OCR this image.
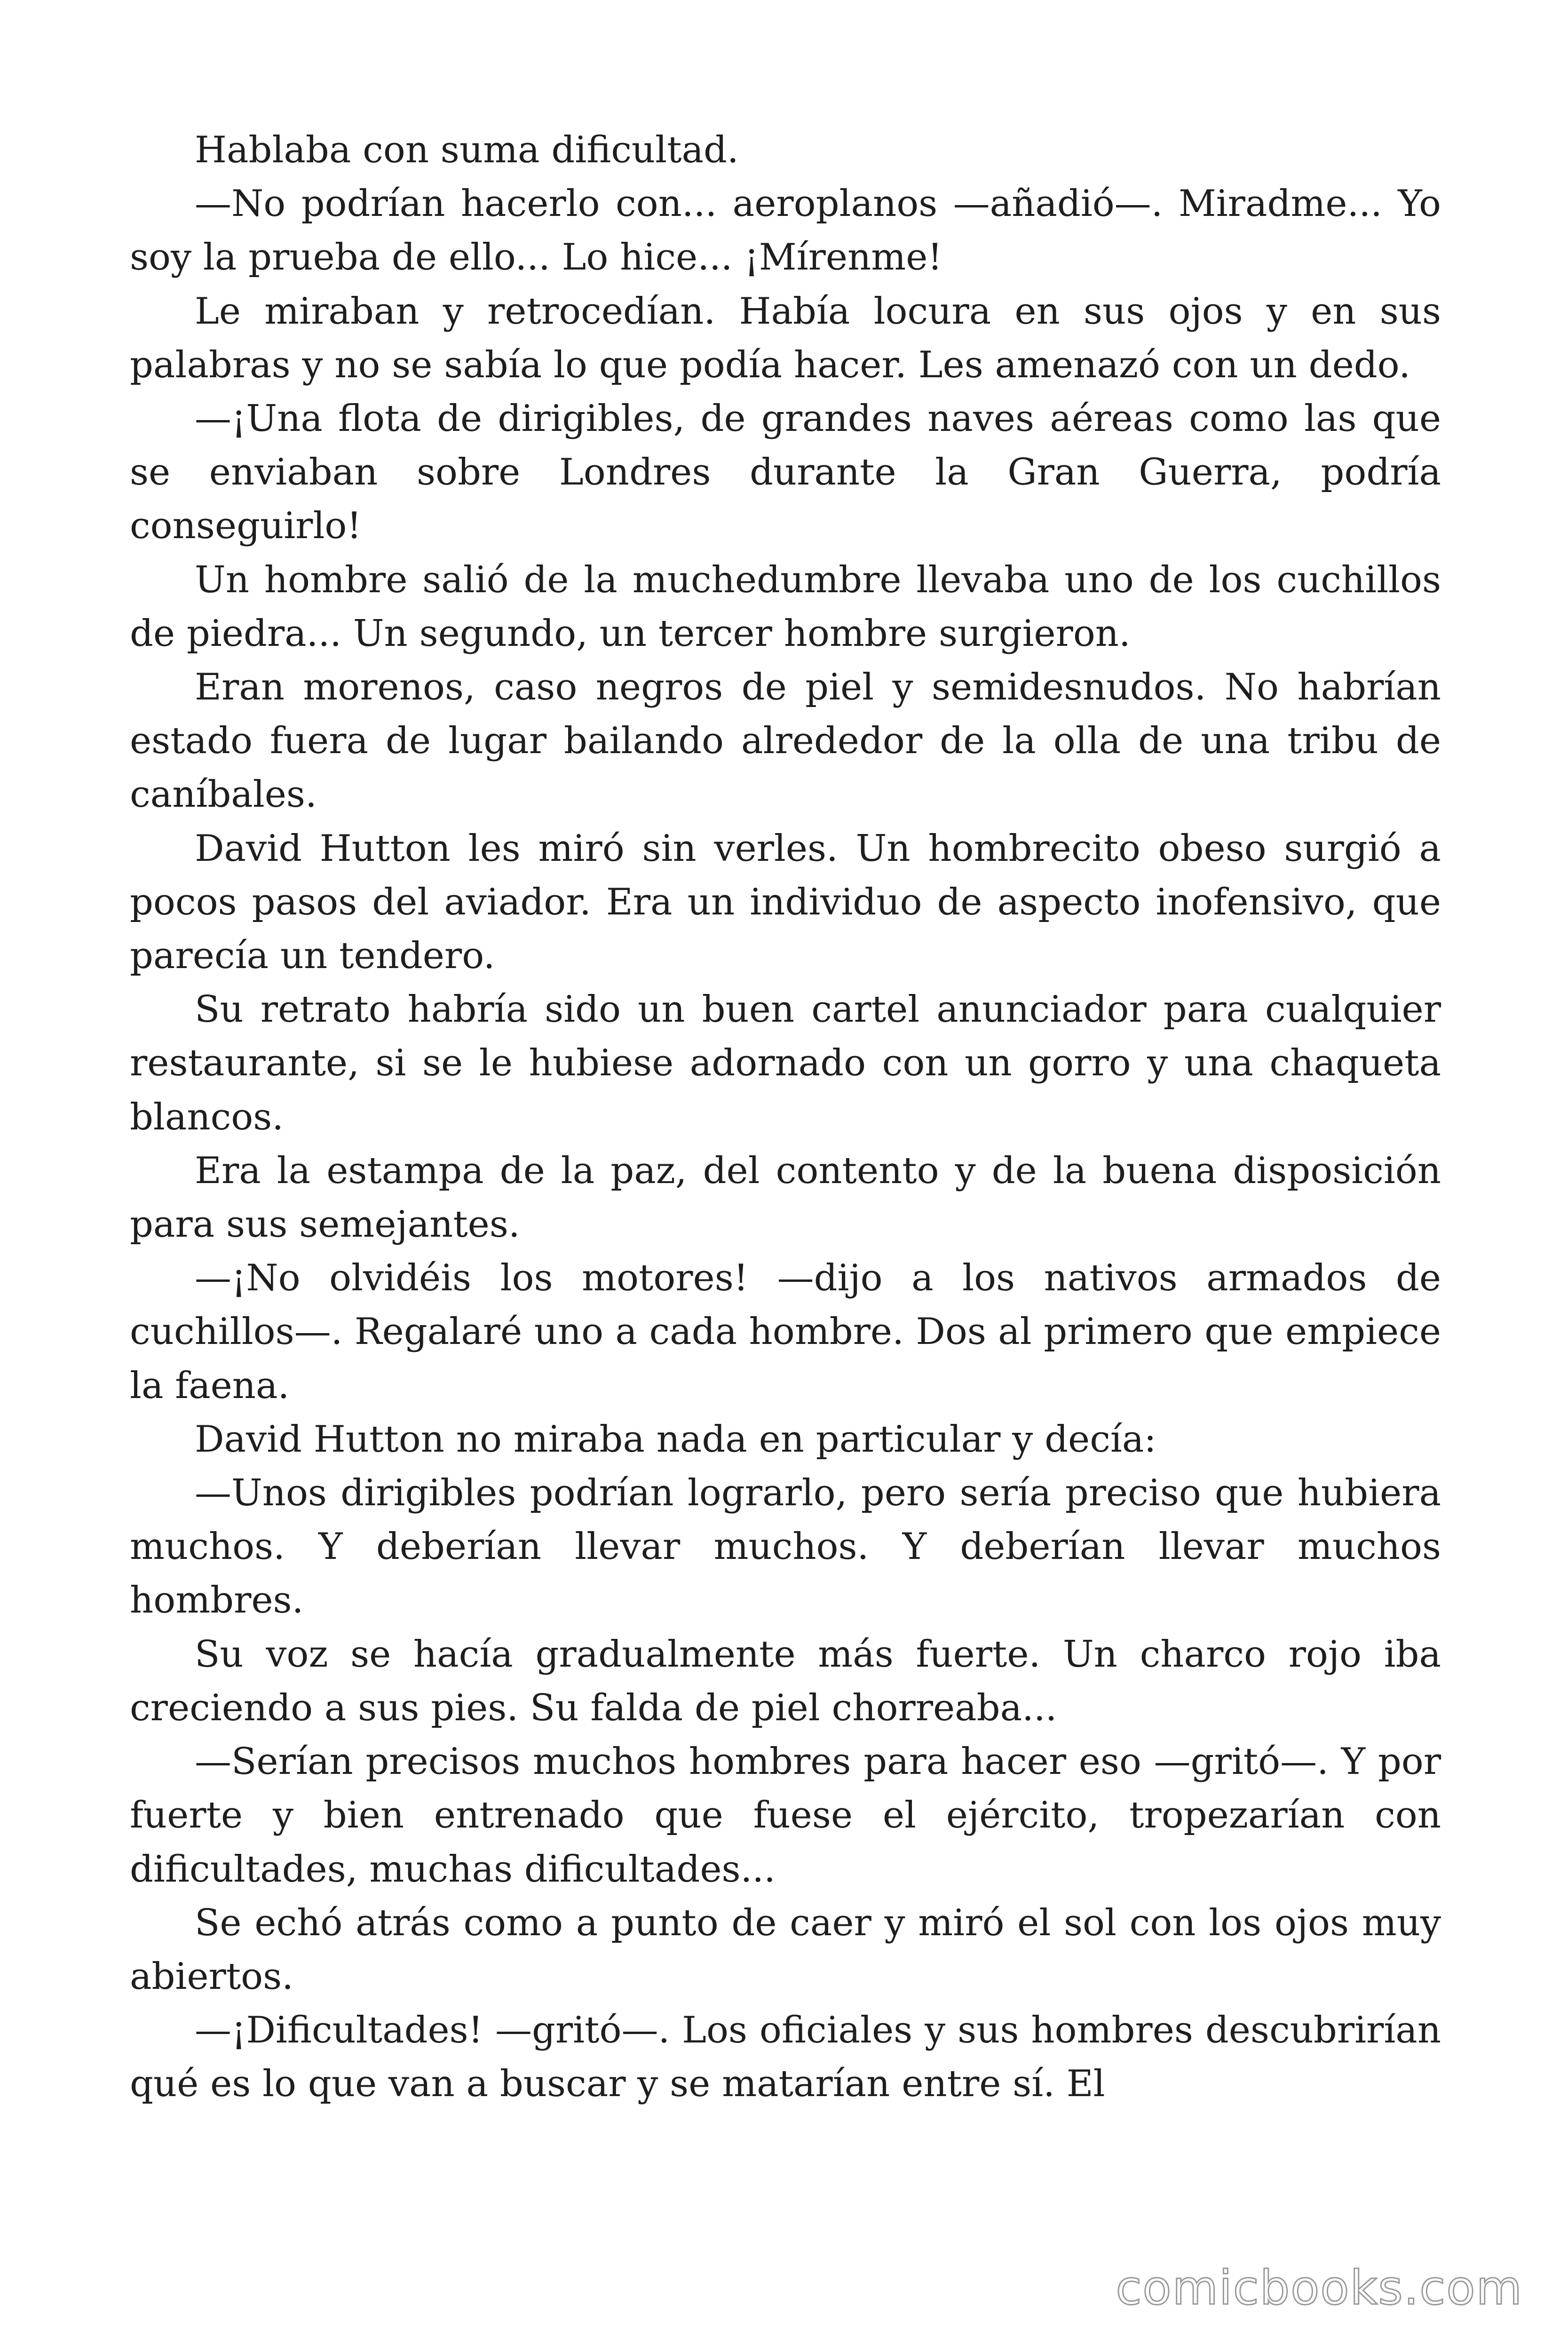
Hablaba con suma dificultad.

—No podrían hacerlo con... aeroplanos —añadió—. Miradme... Yo soy la prueba de ello... Lo hice... ¡Mírenme!

Le miraban y retrocedían. Había locura en sus ojos y en sus palabras y no se sabía lo que podía hacer. Les amenazó con un dedo.

—¡Una flota de dirigibles, de grandes naves aéreas como las que se enviaban sobre Londres durante la Gran Guerra, podría conseguirlo!

Un hombre salió de la muchedumbre llevaba uno de los cuchillos de piedra... Un segundo, un tercer hombre surgieron.

Eran morenos, caso negros de piel y semidesnudos. No habrían estado fuera de lugar bailando alrededor de la olla de una tribu de caníbales.

David Hutton les miró sin verles. Un hombrecito obeso surgió a pocos pasos del aviador. Era un individuo de aspecto inofensivo, que parecía un tendero.

Su retrato habría sido un buen cartel anunciador para cualquier restaurante, si se le hubiese adornado con un gorro y una chaqueta blancos.

Era la estampa de la paz, del contento y de la buena disposición para sus semejantes.

—¡No olvidéis los motores! —dijo a los nativos armados de cuchillos—. Regalaré uno a cada hombre. Dos al primero que empiece la faena.

David Hutton no miraba nada en particular y decía:

—Unos dirigibles podrían lograrlo, pero sería preciso que hubiera muchos. Y deberían llevar muchos. Y deberían llevar muchos hombres.

Su voz se hacía gradualmente más fuerte. Un charco rojo iba creciendo a sus pies. Su falda de piel chorreaba...

—Serían precisos muchos hombres para hacer eso —gritó—. Y por fuerte y bien entrenado que fuese el ejército, tropezarían con dificultades, muchas dificultades...

Se echó atrás como a punto de caer y miró el sol con los ojos muy abiertos.

—¡Dificultades! —gritó—. Los oficiales y sus hombres descubrirían qué es lo que van a buscar y se matarían entre sí. El

comicbooks.com
